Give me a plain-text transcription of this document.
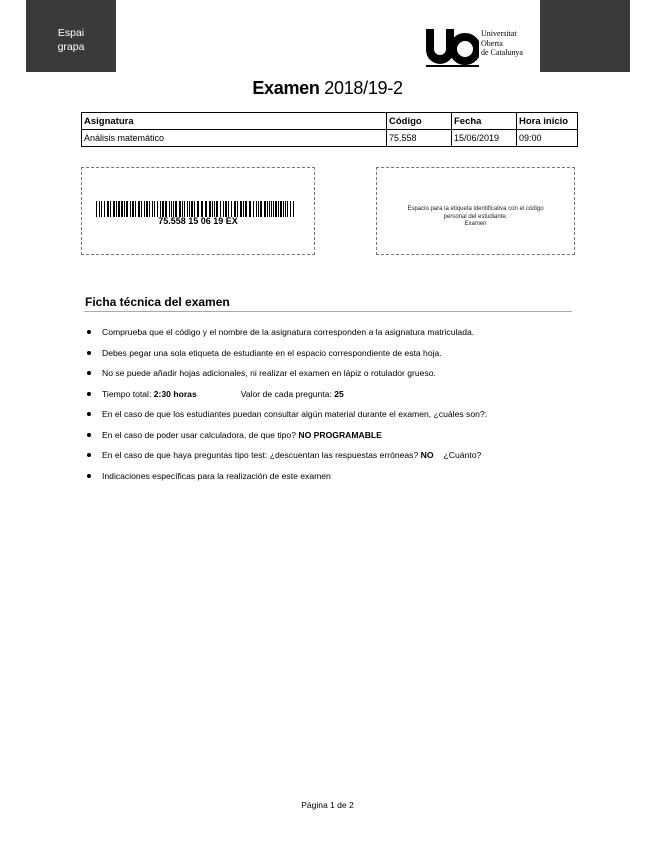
Espai
grapa
Universitat
Oberta
de Catalunya
Examen 2018/19-2
Asignatura	Código	Fecha	Hora inicio
Análisis matemático	75.558	15/06/2019	09:00
75.558 15 06 19 EX
Espacio para la etiqueta identificativa con el código
personal del estudiante.
Examen
Ficha técnica del examen
Comprueba que el código y el nombre de la asignatura corresponden a la asignatura matriculada.
Debes pegar una sola etiqueta de estudiante en el espacio correspondiente de esta hoja.
No se puede añadir hojas adicionales, ni realizar el examen en lápiz o rotulador grueso.
Tiempo total: 2:30 horas	Valor de cada pregunta: 25
En el caso de que los estudiantes puedan consultar algún material durante el examen, ¿cuáles son?:
En el caso de poder usar calculadora, de que tipo? NO PROGRAMABLE
En el caso de que haya preguntas tipo test: ¿descuentan las respuestas erróneas? NO ¿Cuánto?
Indicaciones específicas para la realización de este examen
Página 1 de 2
